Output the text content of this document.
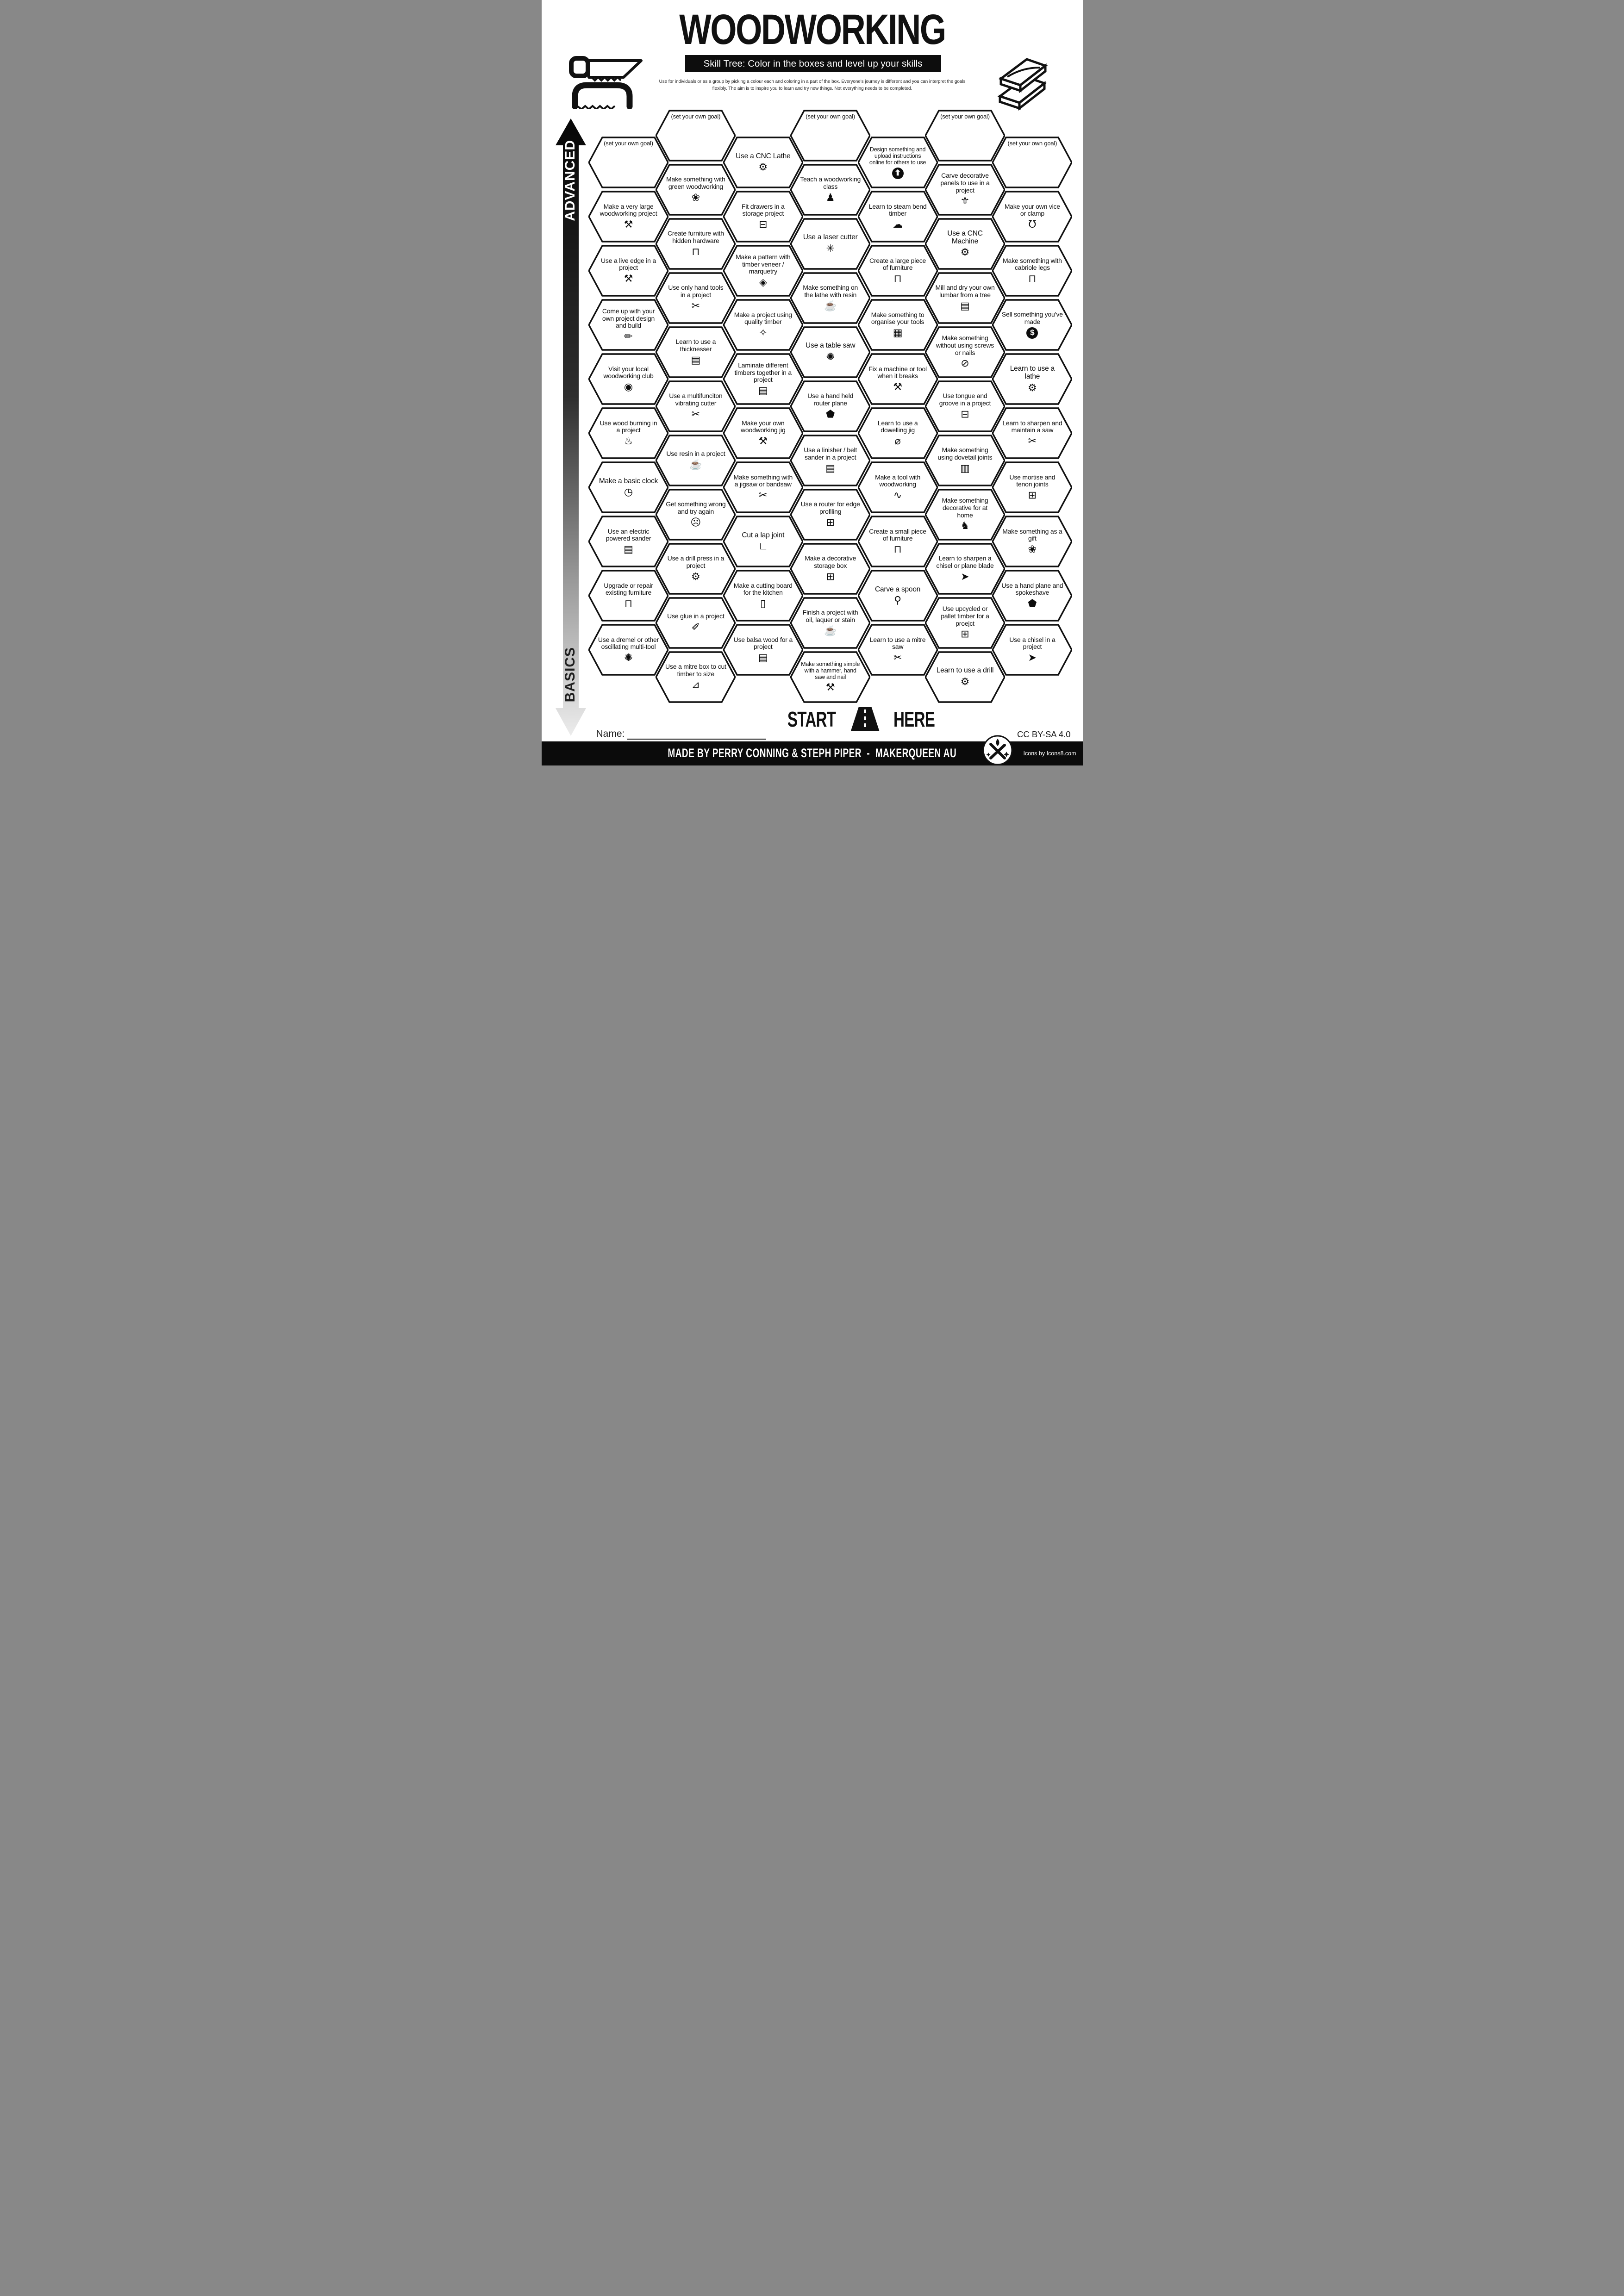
WOODWORKING
Skill Tree: Color in the boxes and level up your skills
Use for individuals or as a group by picking a colour each and coloring in a part of the box. Everyone's journey is different and you can interpret the goals flexibly. The aim is to inspire you to learn and try new things. Not everything needs to be completed.
ADVANCED
BASICS
(set your own goal)
Make a very large woodworking project
⚒
Use a live edge in a project
⚒
Come up with your own project design and build
✏
Visit your local woodworking club
◉
Use wood burning in a project
♨
Make a basic clock
◷
Use an electric powered sander
▤
Upgrade or repair existing furniture
⊓
Use a dremel or other oscillating multi-tool
✺
(set your own goal)
Make something with green woodworking
❀
Create furniture with hidden hardware
⊓
Use only hand tools in a project
✂
Learn to use a thicknesser
▤
Use a multifunciton vibrating cutter
✂
Use resin in a project
☕
Get something wrong and try again
☹
Use a drill press in a project
⚙
Use glue in a project
✐
Use a mitre box to cut timber to size
⊿
Use a CNC Lathe
⚙
Fit drawers in a storage project
⊟
Make a pattern with timber veneer / marquetry
◈
Make a project using quality timber
✧
Laminate different timbers together in a project
▤
Make your own woodworking jig
⚒
Make something with a jigsaw or bandsaw
✂
Cut a lap joint
∟
Make a cutting board for the kitchen
▯
Use balsa wood for a project
▤
(set your own goal)
Teach a woodworking class
♟
Use a laser cutter
✳
Make something on the lathe with resin
☕
Use a table saw
✺
Use a hand held router plane
⬟
Use a linisher / belt sander in a project
▤
Use a router for edge profiling
⊞
Make a decorative storage box
⊞
Finish a project with oil, laquer or stain
☕
Make something simple with a hammer, hand saw and nail
⚒
Design something and upload instructions online for others to use
⬆
Learn to steam bend timber
☁
Create a large piece of furniture
⊓
Make something to organise your tools
▦
Fix a machine or tool when it breaks
⚒
Learn to use a dowelling jig
⌀
Make a tool with woodworking
∿
Create a small piece of furniture
⊓
Carve a spoon
⚲
Learn to use a mitre saw
✂
(set your own goal)
Carve decorative panels to use in a project
⚜
Use a CNC Machine
⚙
Mill and dry your own lumbar from a tree
▤
Make something without using screws or nails
⊘
Use tongue and groove in a project
⊟
Make something using dovetail joints
▥
Make something decorative for at home
♞
Learn to sharpen a chisel or plane blade
➤
Use upcycled or pallet timber for a proejct
⊞
Learn to use a drill
⚙
(set your own goal)
Make your own vice or clamp
℧
Make something with cabriole legs
⊓
Sell something you’ve made
$
Learn to use a lathe
⚙
Learn to sharpen and maintain a saw
✂
Use mortise and tenon joints
⊞
Make something as a gift
❀
Use a hand plane and spokeshave
⬟
Use a chisel in a project
➤
START	HERE
Name:	CC BY-SA 4.0
MADE BY PERRY CONNING & STEPH PIPER  -  MAKERQUEEN AU	Icons by Icons8.com
